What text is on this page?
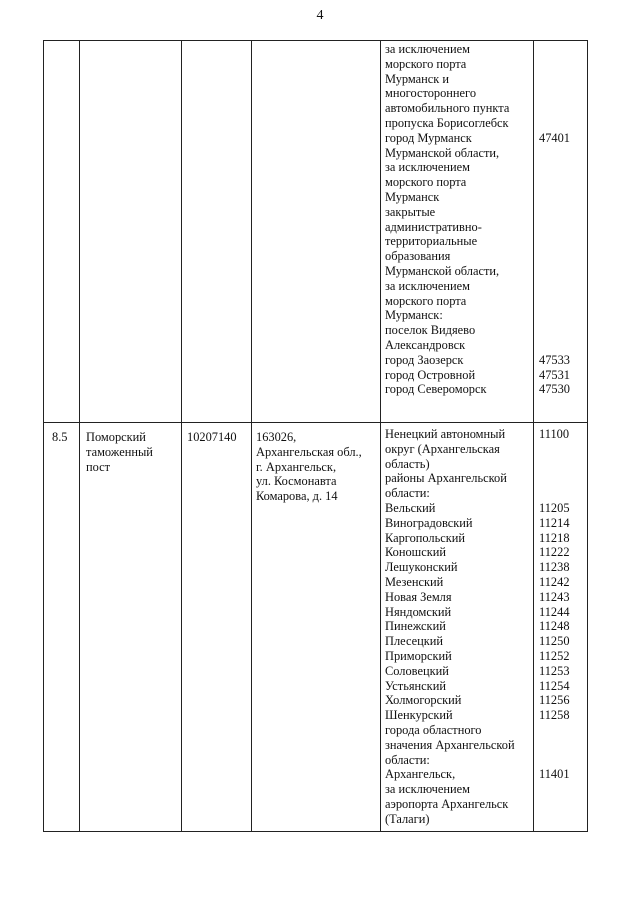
4
за исключением
морского порта
Мурманск и
многостороннего
автомобильного пункта
пропуска Борисоглебск
город Мурманск
Мурманской области,
за исключением
морского порта
Мурманск
закрытые
административно-
территориальные
образования
Мурманской области,
за исключением
морского порта
Мурманск:
поселок Видяево
Александровск
город Заозерск
город Островной
город Североморск
47401
47533
47531
47530
8.5 Поморский
таможенный
пост
10207140 163026,
Архангельская обл.,
г. Архангельск,
ул. Космонавта
Комарова, д. 14
Ненецкий автономный
округ (Архангельская
область)
районы Архангельской
области:
Вельский
Виноградовский
Каргопольский
Коношский
Лешуконский
Мезенский
Новая Земля
Няндомский
Пинежский
Плесецкий
Приморский
Соловецкий
Устьянский
Холмогорский
Шенкурский
города областного
значения Архангельской
области:
Архангельск,
за исключением
аэропорта Архангельск
(Талаги)
11100
11205
11214
11218
11222
11238
11242
11243
11244
11248
11250
11252
11253
11254
11256
11258
11401
